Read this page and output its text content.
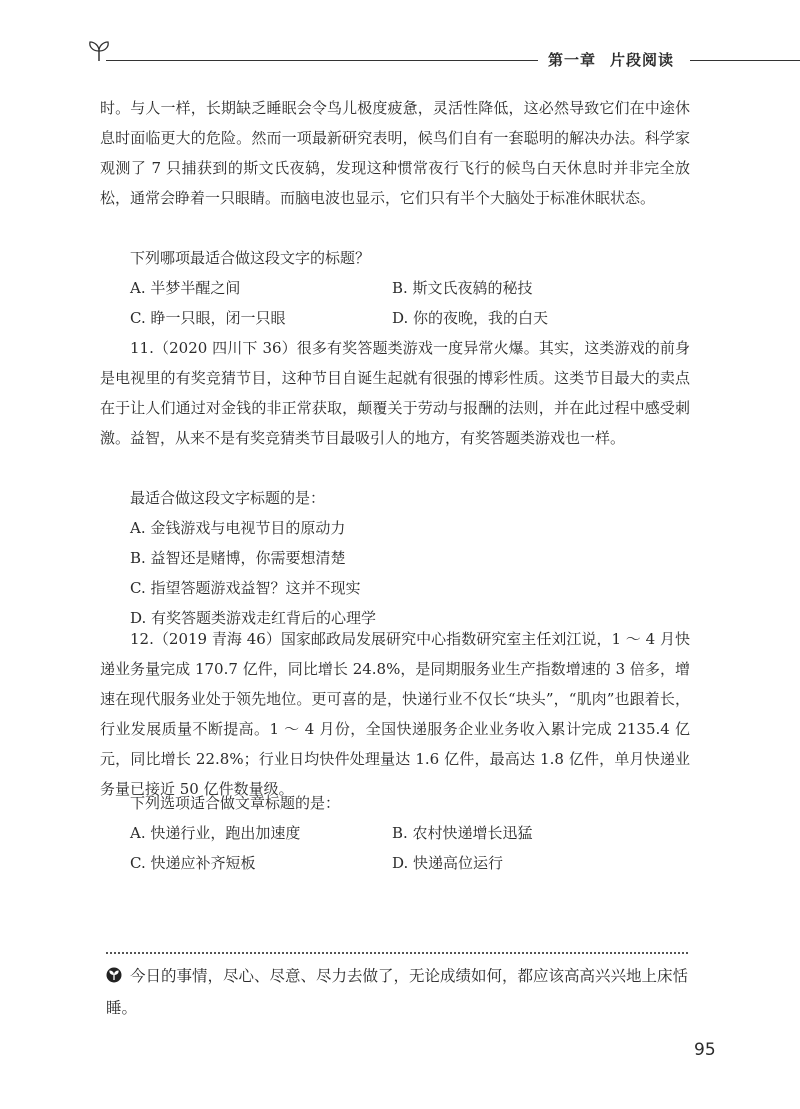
第一章 片段阅读
时。与人一样，长期缺乏睡眠会令鸟儿极度疲惫，灵活性降低，这必然导致它们在中途休息时面临更大的危险。然而一项最新研究表明，候鸟们自有一套聪明的解决办法。科学家观测了 7 只捕获到的斯文氏夜鸫，发现这种惯常夜行飞行的候鸟白天休息时并非完全放松，通常会睁着一只眼睛。而脑电波也显示，它们只有半个大脑处于标准休眠状态。
下列哪项最适合做这段文字的标题？
A. 半梦半醒之间	B. 斯文氏夜鸫的秘技
C. 睁一只眼，闭一只眼	D. 你的夜晚，我的白天
11.（2020 四川下 36）很多有奖答题类游戏一度异常火爆。其实，这类游戏的前身是电视里的有奖竞猜节目，这种节目自诞生起就有很强的博彩性质。这类节目最大的卖点在于让人们通过对金钱的非正常获取，颠覆关于劳动与报酬的法则，并在此过程中感受刺激。益智，从来不是有奖竞猜类节目最吸引人的地方，有奖答题类游戏也一样。
最适合做这段文字标题的是：
A. 金钱游戏与电视节目的原动力
B. 益智还是赌博，你需要想清楚
C. 指望答题游戏益智？这并不现实
D. 有奖答题类游戏走红背后的心理学
12.（2019 青海 46）国家邮政局发展研究中心指数研究室主任刘江说，1 ～ 4 月快递业务量完成 170.7 亿件，同比增长 24.8%，是同期服务业生产指数增速的 3 倍多，增速在现代服务业处于领先地位。更可喜的是，快递行业不仅长“块头”，“肌肉”也跟着长，行业发展质量不断提高。1 ～ 4 月份，全国快递服务企业业务收入累计完成 2135.4 亿元，同比增长 22.8%；行业日均快件处理量达 1.6 亿件，最高达 1.8 亿件，单月快递业务量已接近 50 亿件数量级。
下列选项适合做文章标题的是：
A. 快递行业，跑出加速度	B. 农村快递增长迅猛
C. 快递应补齐短板	D. 快递高位运行
今日的事情，尽心、尽意、尽力去做了，无论成绩如何，都应该高高兴兴地上床恬睡。
95
